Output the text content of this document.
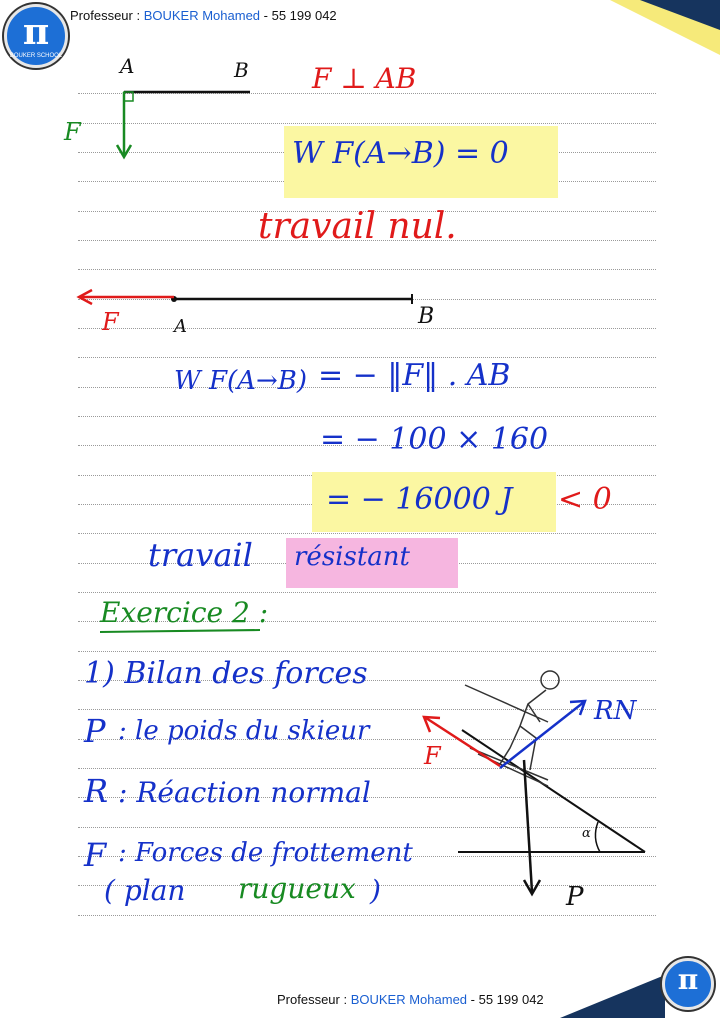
π
BOUKER SCHOOL
π
Professeur : BOUKER Mohamed - 55 199 042
Professeur : BOUKER Mohamed - 55 199 042
A	B
F
F ⊥ AB
W F(A→B) = 0
travail nul.
F	A	B
W F(A→B) = − ‖F‖ . AB
= − 100 × 160
= − 16000 J < 0
travail résistant
Exercice 2 :
1) Bilan des forces
P : le poids du skieur
R : Réaction normal
F : Forces de frottement
( plan rugueux )
RN
F
P
α
